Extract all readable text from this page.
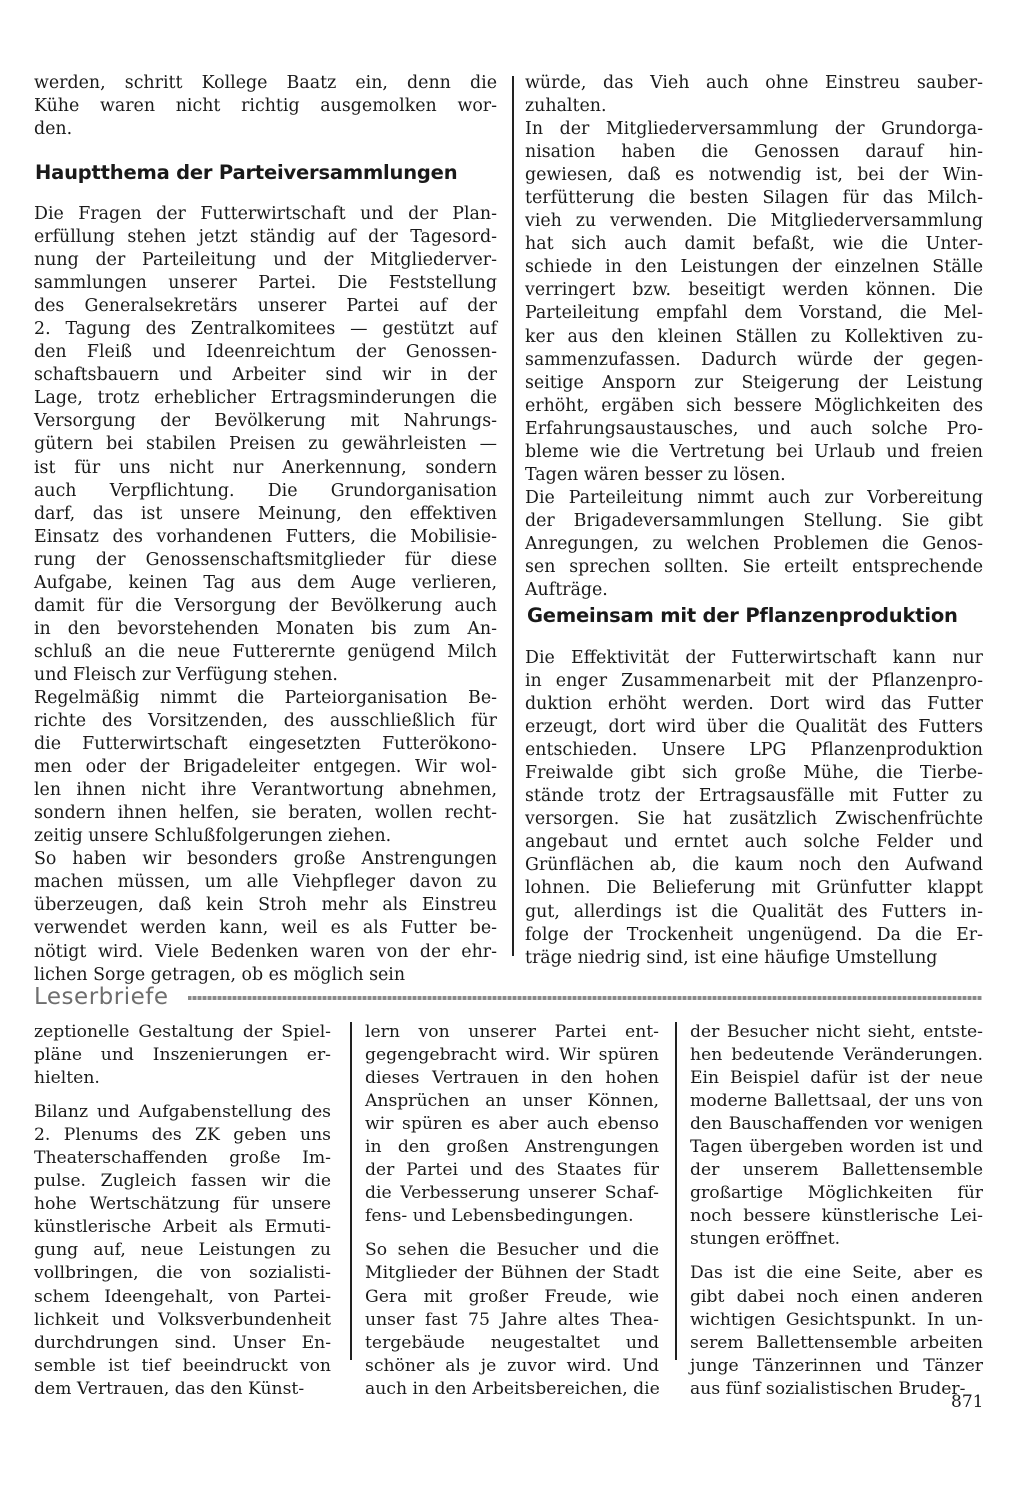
werden, schritt Kollege Baatz ein, denn die
Kühe waren nicht richtig ausgemolken wor-
den.

Hauptthema der Parteiversammlungen

Die Fragen der Futterwirtschaft und der Plan-
erfüllung stehen jetzt ständig auf der Tagesord-
nung der Parteileitung und der Mitgliederver-
sammlungen unserer Partei. Die Feststellung
des Generalsekretärs unserer Partei auf der
2. Tagung des Zentralkomitees — gestützt auf
den Fleiß und Ideenreichtum der Genossen-
schaftsbauern und Arbeiter sind wir in der
Lage, trotz erheblicher Ertragsminderungen die
Versorgung der Bevölkerung mit Nahrungs-
gütern bei stabilen Preisen zu gewährleisten —
ist für uns nicht nur Anerkennung, sondern
auch Verpflichtung. Die Grundorganisation
darf, das ist unsere Meinung, den effektiven
Einsatz des vorhandenen Futters, die Mobilisie-
rung der Genossenschaftsmitglieder für diese
Aufgabe, keinen Tag aus dem Auge verlieren,
damit für die Versorgung der Bevölkerung auch
in den bevorstehenden Monaten bis zum An-
schluß an die neue Futterernte genügend Milch
und Fleisch zur Verfügung stehen.

Regelmäßig nimmt die Parteiorganisation Be-
richte des Vorsitzenden, des ausschließlich für
die Futterwirtschaft eingesetzten Futterökono-
men oder der Brigadeleiter entgegen. Wir wol-
len ihnen nicht ihre Verantwortung abnehmen,
sondern ihnen helfen, sie beraten, wollen recht-
zeitig unsere Schlußfolgerungen ziehen.

So haben wir besonders große Anstrengungen
machen müssen, um alle Viehpfleger davon zu
überzeugen, daß kein Stroh mehr als Einstreu
verwendet werden kann, weil es als Futter be-
nötigt wird. Viele Bedenken waren von der ehr-
lichen Sorge getragen, ob es möglich sein

würde, das Vieh auch ohne Einstreu sauber-
zuhalten.

In der Mitgliederversammlung der Grundorga-
nisation haben die Genossen darauf hin-
gewiesen, daß es notwendig ist, bei der Win-
terfütterung die besten Silagen für das Milch-
vieh zu verwenden. Die Mitgliederversammlung
hat sich auch damit befaßt, wie die Unter-
schiede in den Leistungen der einzelnen Ställe
verringert bzw. beseitigt werden können. Die
Parteileitung empfahl dem Vorstand, die Mel-
ker aus den kleinen Ställen zu Kollektiven zu-
sammenzufassen. Dadurch würde der gegen-
seitige Ansporn zur Steigerung der Leistung
erhöht, ergäben sich bessere Möglichkeiten des
Erfahrungsaustausches, und auch solche Pro-
bleme wie die Vertretung bei Urlaub und freien
Tagen wären besser zu lösen.

Die Parteileitung nimmt auch zur Vorbereitung
der Brigadeversammlungen Stellung. Sie gibt
Anregungen, zu welchen Problemen die Genos-
sen sprechen sollten. Sie erteilt entsprechende
Aufträge.

Gemeinsam mit der Pflanzenproduktion

Die Effektivität der Futterwirtschaft kann nur
in enger Zusammenarbeit mit der Pflanzenpro-
duktion erhöht werden. Dort wird das Futter
erzeugt, dort wird über die Qualität des Futters
entschieden. Unsere LPG Pflanzenproduktion
Freiwalde gibt sich große Mühe, die Tierbe-
stände trotz der Ertragsausfälle mit Futter zu
versorgen. Sie hat zusätzlich Zwischenfrüchte
angebaut und erntet auch solche Felder und
Grünflächen ab, die kaum noch den Aufwand
lohnen. Die Belieferung mit Grünfutter klappt
gut, allerdings ist die Qualität des Futters in-
folge der Trockenheit ungenügend. Da die Er-
träge niedrig sind, ist eine häufige Umstellung

Leserbriefe

zeptionelle Gestaltung der Spiel-
pläne und Inszenierungen er-
hielten.

Bilanz und Aufgabenstellung des
2. Plenums des ZK geben uns
Theaterschaffenden große Im-
pulse. Zugleich fassen wir die
hohe Wertschätzung für unsere
künstlerische Arbeit als Ermuti-
gung auf, neue Leistungen zu
vollbringen, die von sozialisti-
schem Ideengehalt, von Partei-
lichkeit und Volksverbundenheit
durchdrungen sind. Unser En-
semble ist tief beeindruckt von
dem Vertrauen, das den Künst-

lern von unserer Partei ent-
gegengebracht wird. Wir spüren
dieses Vertrauen in den hohen
Ansprüchen an unser Können,
wir spüren es aber auch ebenso
in den großen Anstrengungen
der Partei und des Staates für
die Verbesserung unserer Schaf-
fens- und Lebensbedingungen.

So sehen die Besucher und die
Mitglieder der Bühnen der Stadt
Gera mit großer Freude, wie
unser fast 75 Jahre altes Thea-
tergebäude neugestaltet und
schöner als je zuvor wird. Und
auch in den Arbeitsbereichen, die

der Besucher nicht sieht, entste-
hen bedeutende Veränderungen.
Ein Beispiel dafür ist der neue
moderne Ballettsaal, der uns von
den Bauschaffenden vor wenigen
Tagen übergeben worden ist und
der unserem Ballettensemble
großartige Möglichkeiten für
noch bessere künstlerische Lei-
stungen eröffnet.

Das ist die eine Seite, aber es
gibt dabei noch einen anderen
wichtigen Gesichtspunkt. In un-
serem Ballettensemble arbeiten
junge Tänzerinnen und Tänzer
aus fünf sozialistischen Bruder-

871
